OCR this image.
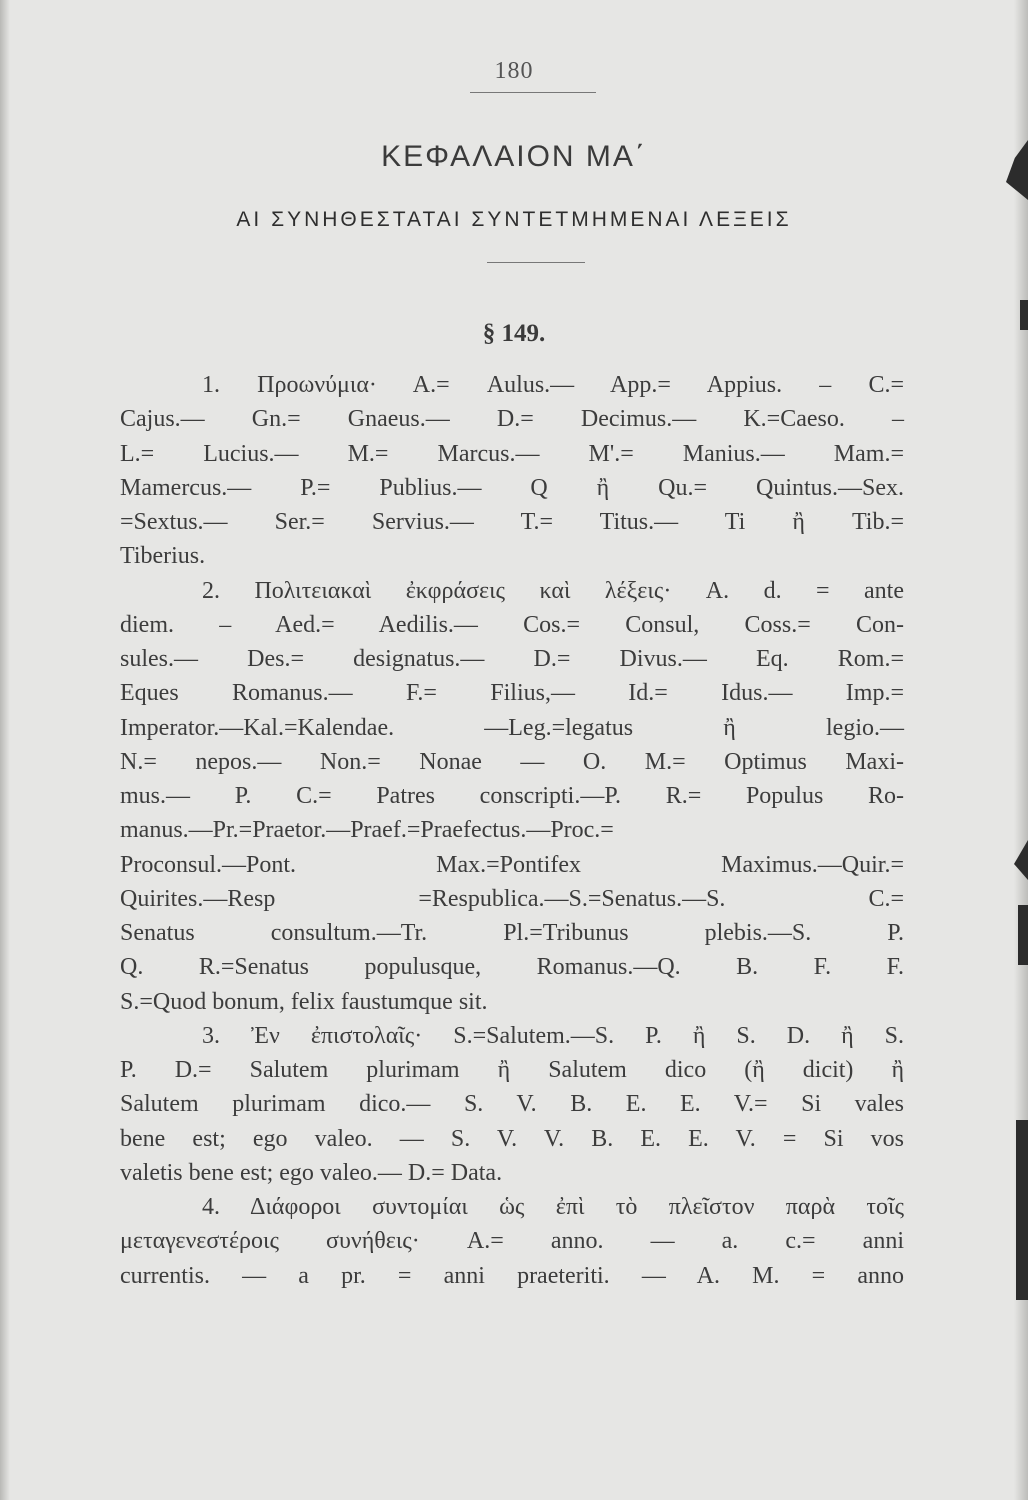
180
ΚΕΦΑΛΑΙΟΝ ΜΑ΄
ΑΙ ΣΥΝΗΘΕΣΤΑΤΑΙ ΣΥΝΤΕΤΜΗΜΕΝΑΙ ΛΕΞΕΙΣ
§ 149.
1. Προωνύμια· Α.= Aulus.— App.= Appius. – C.=
Cajus.— Gn.= Gnaeus.— D.= Decimus.— K.=Caeso. –
L.= Lucius.— M.= Marcus.— M'.= Manius.— Mam.=
Mamercus.— P.= Publius.— Q ἢ Qu.= Quintus.—Sex.
=Sextus.— Ser.= Servius.— T.= Titus.— Ti ἢ Tib.=
Tiberius.
2. Πολιτειακαὶ ἐκφράσεις καὶ λέξεις· A. d. = ante
diem. – Aed.= Aedilis.— Cos.= Consul, Coss.= Con-
sules.— Des.= designatus.— D.= Divus.— Eq. Rom.=
Eques Romanus.— F.= Filius,— Id.= Idus.— Imp.=
Imperator.—Kal.=Kalendae. —Leg.=legatus ἢ legio.—
N.= nepos.— Non.= Nonae — O. M.= Optimus Maxi-
mus.— P. C.= Patres conscripti.—P. R.= Populus Ro-
manus.—Pr.=Praetor.—Praef.=Praefectus.—Proc.=
Proconsul.—Pont. Max.=Pontifex Maximus.—Quir.=
Quirites.—Resp =Respublica.—S.=Senatus.—S. C.=
Senatus consultum.—Tr. Pl.=Tribunus plebis.—S. P.
Q. R.=Senatus populusque, Romanus.—Q. B. F. F.
S.=Quod bonum, felix faustumque sit.
3. Ἐν ἐπιστολαῖς· S.=Salutem.—S. P. ἢ S. D. ἢ S.
P. D.= Salutem plurimam ἢ Salutem dico (ἢ dicit) ἢ
Salutem plurimam dico.— S. V. B. E. E. V.= Si vales
bene est; ego valeo. — S. V. V. B. E. E. V. = Si vos
valetis bene est; ego valeo.— D.= Data.
4. Διάφοροι συντομίαι ὡς ἐπὶ τὸ πλεῖστον παρὰ τοῖς
μεταγενεστέροις συνήθεις· A.= anno. — a. c.= anni
currentis. — a pr. = anni praeteriti. — A. M. = anno
